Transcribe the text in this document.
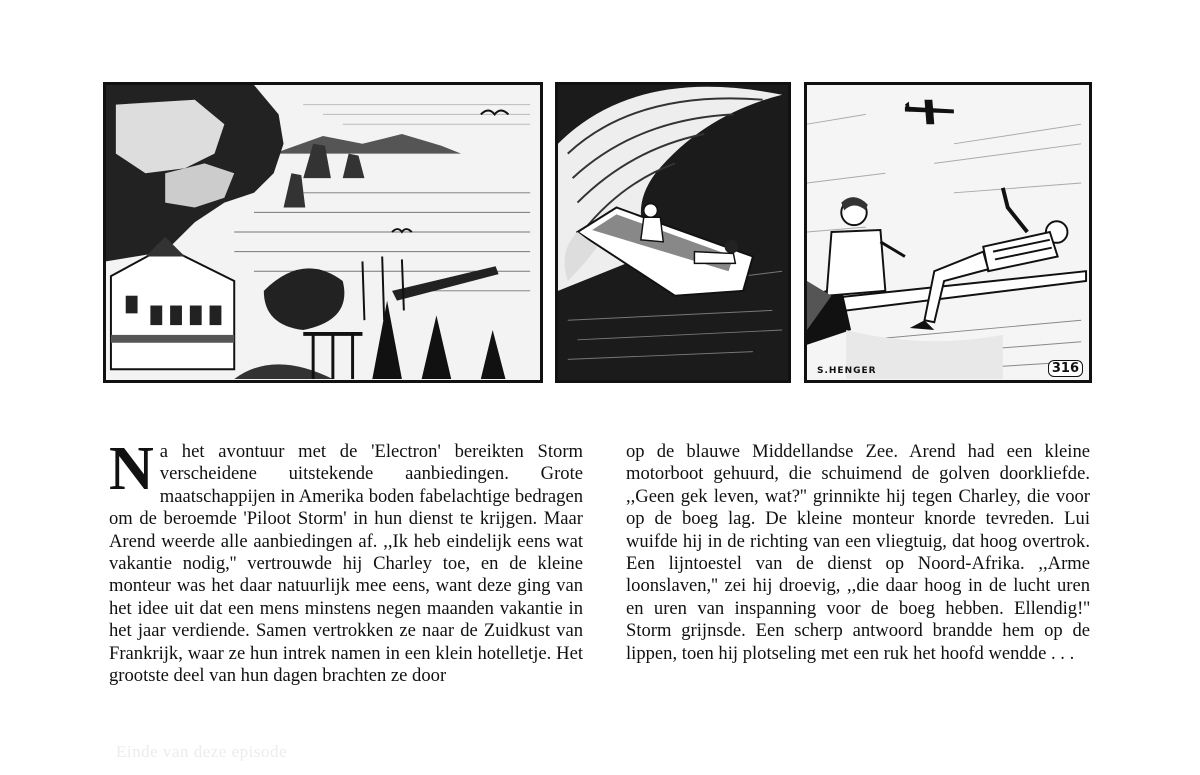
S.HENGER	316
Na het avontuur met de 'Electron' bereikten Storm verscheidene uitstekende aanbiedingen. Grote maatschappijen in Amerika boden fabelachtige bedragen om de beroemde 'Piloot Storm' in hun dienst te krijgen. Maar Arend weerde alle aanbiedingen af. ,,Ik heb eindelijk eens wat vakantie nodig,'' vertrouwde hij Charley toe, en de kleine monteur was het daar natuurlijk mee eens, want deze ging van het idee uit dat een mens minstens negen maanden vakantie in het jaar verdiende. Samen vertrokken ze naar de Zuidkust van Frankrijk, waar ze hun intrek namen in een klein hotelletje. Het grootste deel van hun dagen brachten ze door
op de blauwe Middellandse Zee. Arend had een kleine motorboot gehuurd, die schuimend de golven doorkliefde. ,,Geen gek leven, wat?'' grinnikte hij tegen Charley, die voor op de boeg lag. De kleine monteur knorde tevreden. Lui wuifde hij in de richting van een vliegtuig, dat hoog overtrok. Een lijntoestel van de dienst op Noord-Afrika. ,,Arme loonslaven,'' zei hij droevig, ,,die daar hoog in de lucht uren en uren van inspanning voor de boeg hebben. Ellendig!'' Storm grijnsde. Een scherp antwoord brandde hem op de lippen, toen hij plotseling met een ruk het hoofd wendde . . .
Einde van deze episode
